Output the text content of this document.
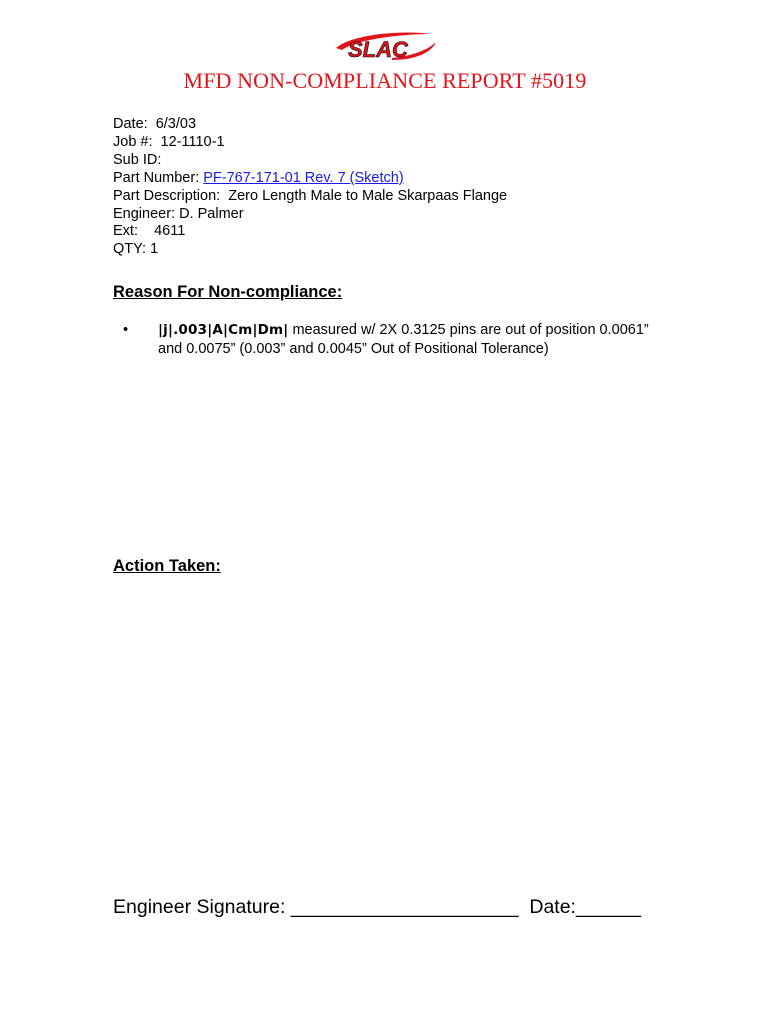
SLAC
MFD NON-COMPLIANCE REPORT #5019
Date:  6/3/03
Job #:  12-1110-1
Sub ID:
Part Number: PF-767-171-01 Rev. 7 (Sketch)
Part Description:  Zero Length Male to Male Skarpaas Flange
Engineer: D. Palmer
Ext:    4611
QTY: 1
Reason For Non-compliance:
• |j|.003|A|Cm|Dm| measured w/ 2X 0.3125 pins are out of position 0.0061” and 0.0075” (0.003” and 0.0045” Out of Positional Tolerance)
Action Taken:
Engineer Signature: _____________________  Date:______
